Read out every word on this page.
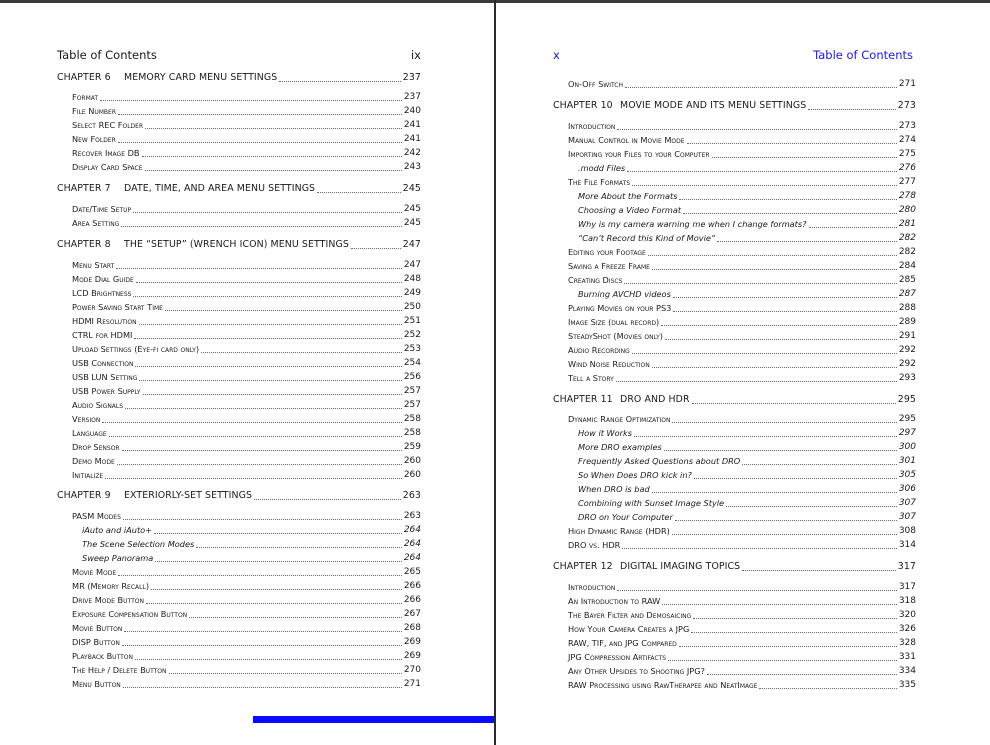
Table of Contents	ix
CHAPTER 6 MEMORY CARD MENU SETTINGS	237
Format	237
File Number	240
Select REC Folder	241
New Folder	241
Recover Image DB	242
Display Card Space	243
CHAPTER 7 DATE, TIME, AND AREA MENU SETTINGS	245
Date/Time Setup	245
Area Setting	245
CHAPTER 8 THE “SETUP” (WRENCH ICON) MENU SETTINGS	247
Menu Start	247
Mode Dial Guide	248
LCD Brightness	249
Power Saving Start Time	250
HDMI Resolution	251
CTRL for HDMI	252
Upload Settings (Eye-fi card only)	253
USB Connection	254
USB LUN Setting	256
USB Power Supply	257
Audio Signals	257
Version	258
Language	258
Drop Sensor	259
Demo Mode	260
Initialize	260
CHAPTER 9 EXTERIORLY-SET SETTINGS	263
PASM Modes	263
iAuto and iAuto+	264
The Scene Selection Modes	264
Sweep Panorama	264
Movie Mode	265
MR (Memory Recall)	266
Drive Mode Button	266
Exposure Compensation Button	267
Movie Button	268
DISP Button	269
Playback Button	269
The Help / Delete Button	270
Menu Button	271
x	Table of Contents
On-Off Switch	271
CHAPTER 10 MOVIE MODE AND ITS MENU SETTINGS	273
Introduction	273
Manual Control in Movie Mode	274
Importing your Files to your Computer	275
.modd Files	276
The File Formats	277
More About the Formats	278
Choosing a Video Format	280
Why is my camera warning me when I change formats?	281
“Can’t Record this Kind of Movie”	282
Editing your Footage	282
Saving a Freeze Frame	284
Creating Discs	285
Burning AVCHD videos	287
Playing Movies on your PS3	288
Image Size (dual record)	289
SteadyShot (Movies only)	291
Audio Recording	292
Wind Noise Reduction	292
Tell a Story	293
CHAPTER 11 DRO AND HDR	295
Dynamic Range Optimization	295
How it Works	297
More DRO examples	300
Frequently Asked Questions about DRO	301
So When Does DRO kick in?	305
When DRO is bad	306
Combining with Sunset Image Style	307
DRO on Your Computer	307
High Dynamic Range (HDR)	308
DRO vs. HDR	314
CHAPTER 12 DIGITAL IMAGING TOPICS	317
Introduction	317
An Introduction to RAW	318
The Bayer Filter and Demosaicing	320
How Your Camera Creates a JPG	326
RAW, TIF, and JPG Compared	328
JPG Compression Artifacts	331
Any Other Upsides to Shooting JPG?	334
RAW Processing using RawTherapee and NeatImage	335
